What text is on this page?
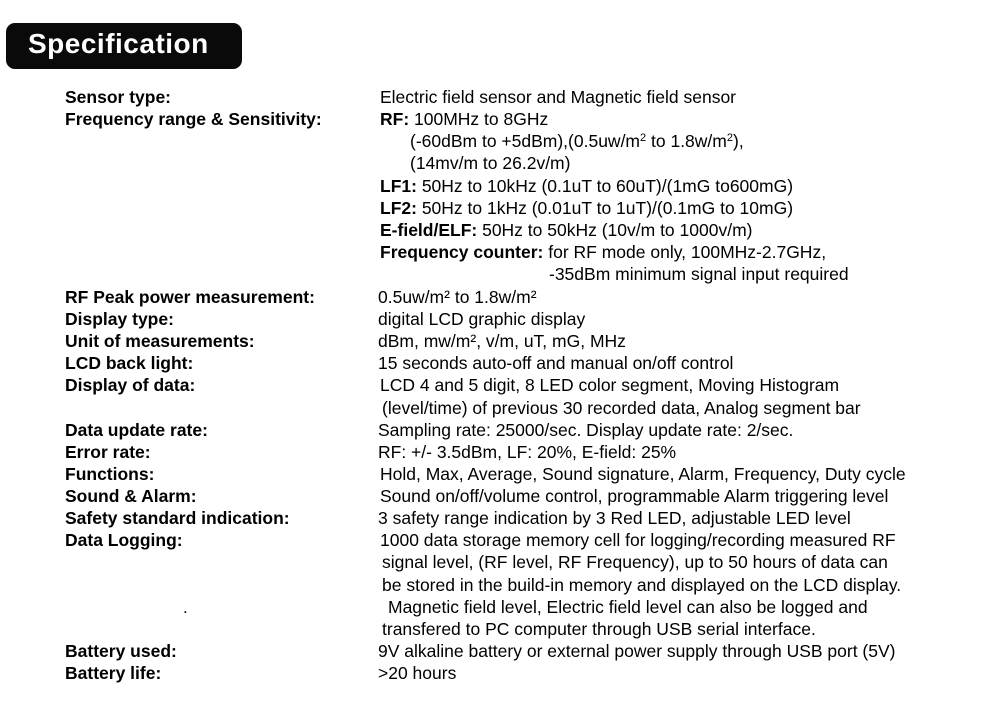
Specification
Sensor type:	Electric field sensor and Magnetic field sensor
Frequency range & Sensitivity:	RF: 100MHz to 8GHz
(-60dBm to $+5dBm),(0.5uw/m^2$ to $1.8w/m^2$),
(14mv/m to 26.2v/m)
LF1: 50Hz to 10kHz (0.1uT to 60uT)/(1mG to600mG)
LF2: 50Hz to 1kHz (0.01uT to 1uT)/(0.1mG to 10mG)
E-field/ELF: 50Hz to 50kHz (10v/m to 1000v/m)
Frequency counter: for RF mode only, 100MHz-2.7GHz,
-35dBm minimum signal input required
RF Peak power measurement:	0.5uw/m² to 1.8w/m²
Display type:	digital LCD graphic display
Unit of measurements:	dBm, mw/m², v/m, uT, mG, MHz
LCD back light:	15 seconds auto-off and manual on/off control
Display of data:	LCD 4 and 5 digit, 8 LED color segment, Moving Histogram
(level/time) of previous 30 recorded data, Analog segment bar
Data update rate:	Sampling rate: 25000/sec. Display update rate: 2/sec.
Error rate:	RF: +/- 3.5dBm, LF: 20%, E-field: 25%
Functions:	Hold, Max, Average, Sound signature, Alarm, Frequency, Duty cycle
Sound & Alarm:	Sound on/off/volume control, programmable Alarm triggering level
Safety standard indication:	3 safety range indication by 3 Red LED, adjustable LED level
Data Logging:	1000 data storage memory cell for logging/recording measured RF
signal level, (RF level, RF Frequency), up to 50 hours of data can
be stored in the build-in memory and displayed on the LCD display.
.	Magnetic field level, Electric field level can also be logged and
transfered to PC computer through USB serial interface.
Battery used:	9V alkaline battery or external power supply through USB port (5V)
Battery life:	>20 hours
